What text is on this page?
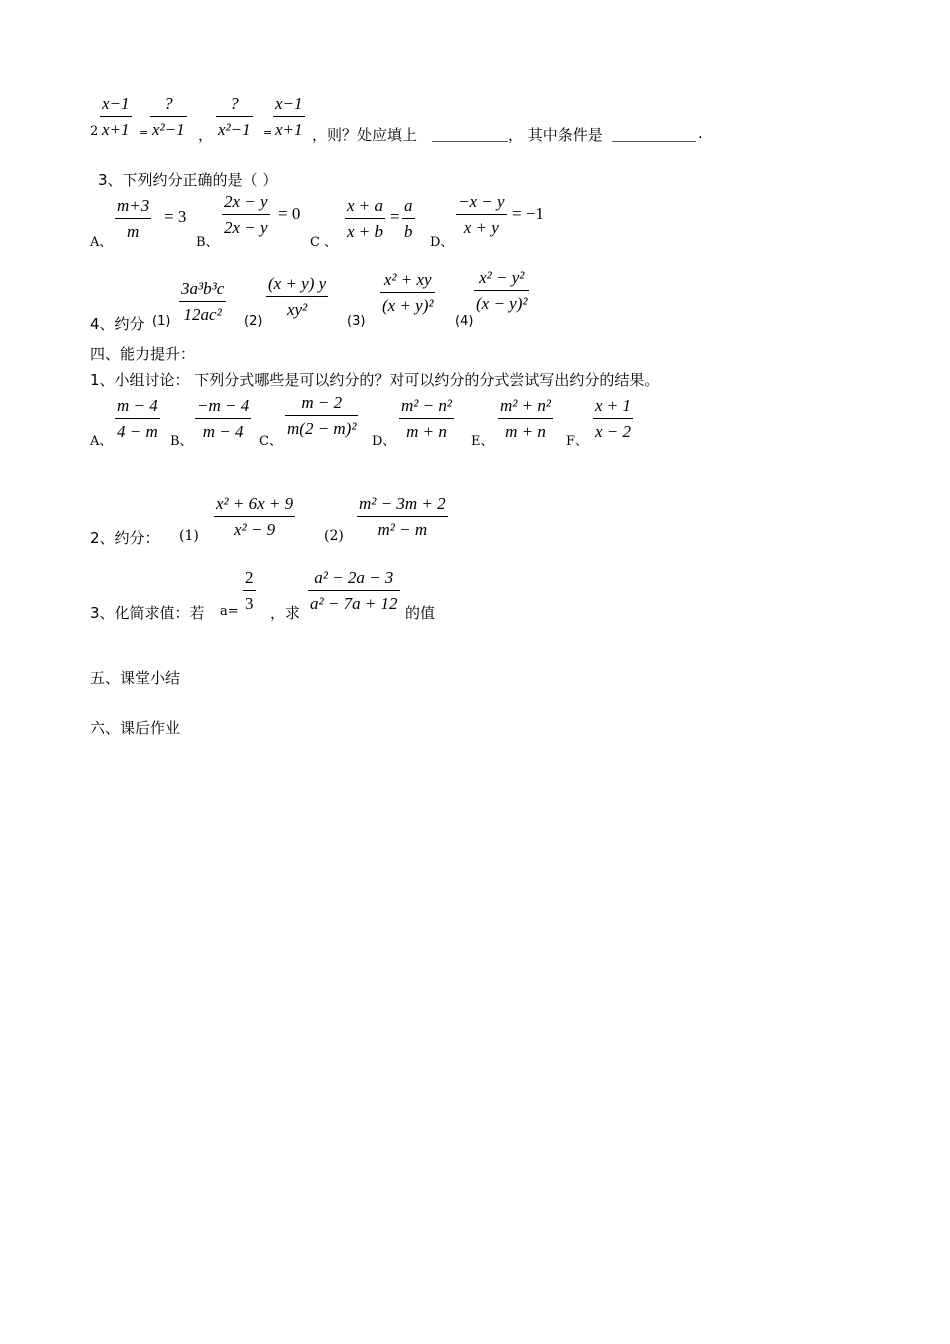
2
x−1
x+1 =
?
x²−1 ，
?
x²−1 =
x−1
x+1 ，则？处应填上	， 其中条件是	.
3、下列约分正确的是（ ）
A、
m+3
m
= 3
B、
2x − y
2x − y
= 0
C 、
x + a
x + b
=
a
b
D、
−x − y
x + y
= −1
4、约分 (1)
3a³b³c
12ac²	(2)
(x + y) y
xy²
(3)
x² + xy
(x + y)²
(4)
x² − y²
(x − y)²
四、能力提升：
1、小组讨论： 下列分式哪些是可以约分的？对可以约分的分式尝试写出约分的结果。
A、
m − 4
4 − m
B、
−m − 4
m − 4
C、
m − 2
m(2 − m)²
D、
m² − n²
m + n
E、
m² + n²
m + n
F、
x + 1
x − 2
2、约分： (1)
x² + 6x + 9
x² − 9	(2)
m² − 3m + 2
m² − m
3、化简求值：若 a=
2
3 ，求
a² − 2a − 3
a² − 7a + 12 的值
五、课堂小结
六、课后作业
